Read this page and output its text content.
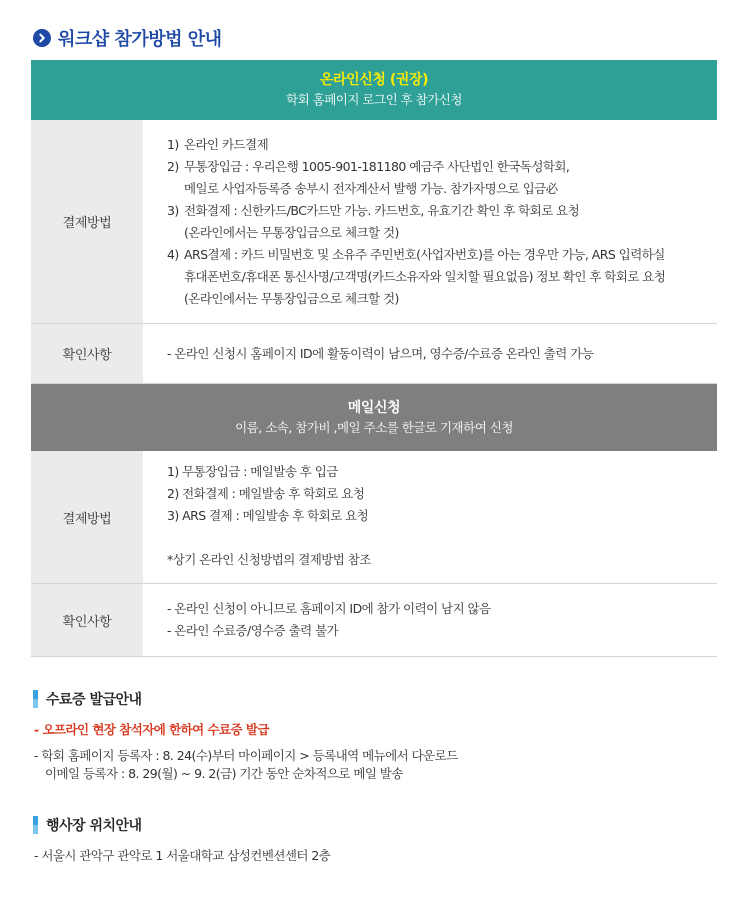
워크샵 참가방법 안내
온라인신청 (권장)
학회 홈페이지 로그인 후 참가신청
결제방법
1) 온라인 카드결제
2) 무통장입금 : 우리은행 1005-901-181180 예금주 사단법인 한국독성학회,
메일로 사업자등록증 송부시 전자계산서 발행 가능. 참가자명으로 입금必
3) 전화결제 : 신한카드/BC카드만 가능. 카드번호, 유효기간 확인 후 학회로 요청
(온라인에서는 무통장입금으로 체크할 것)
4) ARS결제 : 카드 비밀번호 및 소유주 주민번호(사업자번호)를 아는 경우만 가능, ARS 입력하실
휴대폰번호/휴대폰 통신사명/고객명(카드소유자와 일치할 필요없음) 정보 확인 후 학회로 요청
(온라인에서는 무통장입금으로 체크할 것)
확인사항	- 온라인 신청시 홈페이지 ID에 활동이력이 남으며, 영수증/수료증 온라인 출력 가능
메일신청
이름, 소속, 참가비 ,메일 주소를 한글로 기재하여 신청
결제방법
1) 무통장입금 : 메일발송 후 입금
2) 전화결제 : 메일발송 후 학회로 요청
3) ARS 결제 : 메일발송 후 학회로 요청
*상기 온라인 신청방법의 결제방법 참조
확인사항
- 온라인 신청이 아니므로 홈페이지 ID에 참가 이력이 남지 않음
- 온라인 수료증/영수증 출력 불가
수료증 발급안내
- 오프라인 현장 참석자에 한하여 수료증 발급
- 학회 홈페이지 등록자 : 8. 24(수)부터 마이페이지 > 등록내역 메뉴에서 다운로드
이메일 등록자 : 8. 29(월) ~ 9. 2(금) 기간 동안 순차적으로 메일 발송
행사장 위치안내
- 서울시 관악구 관악로 1 서울대학교 삼성컨벤션센터 2층
